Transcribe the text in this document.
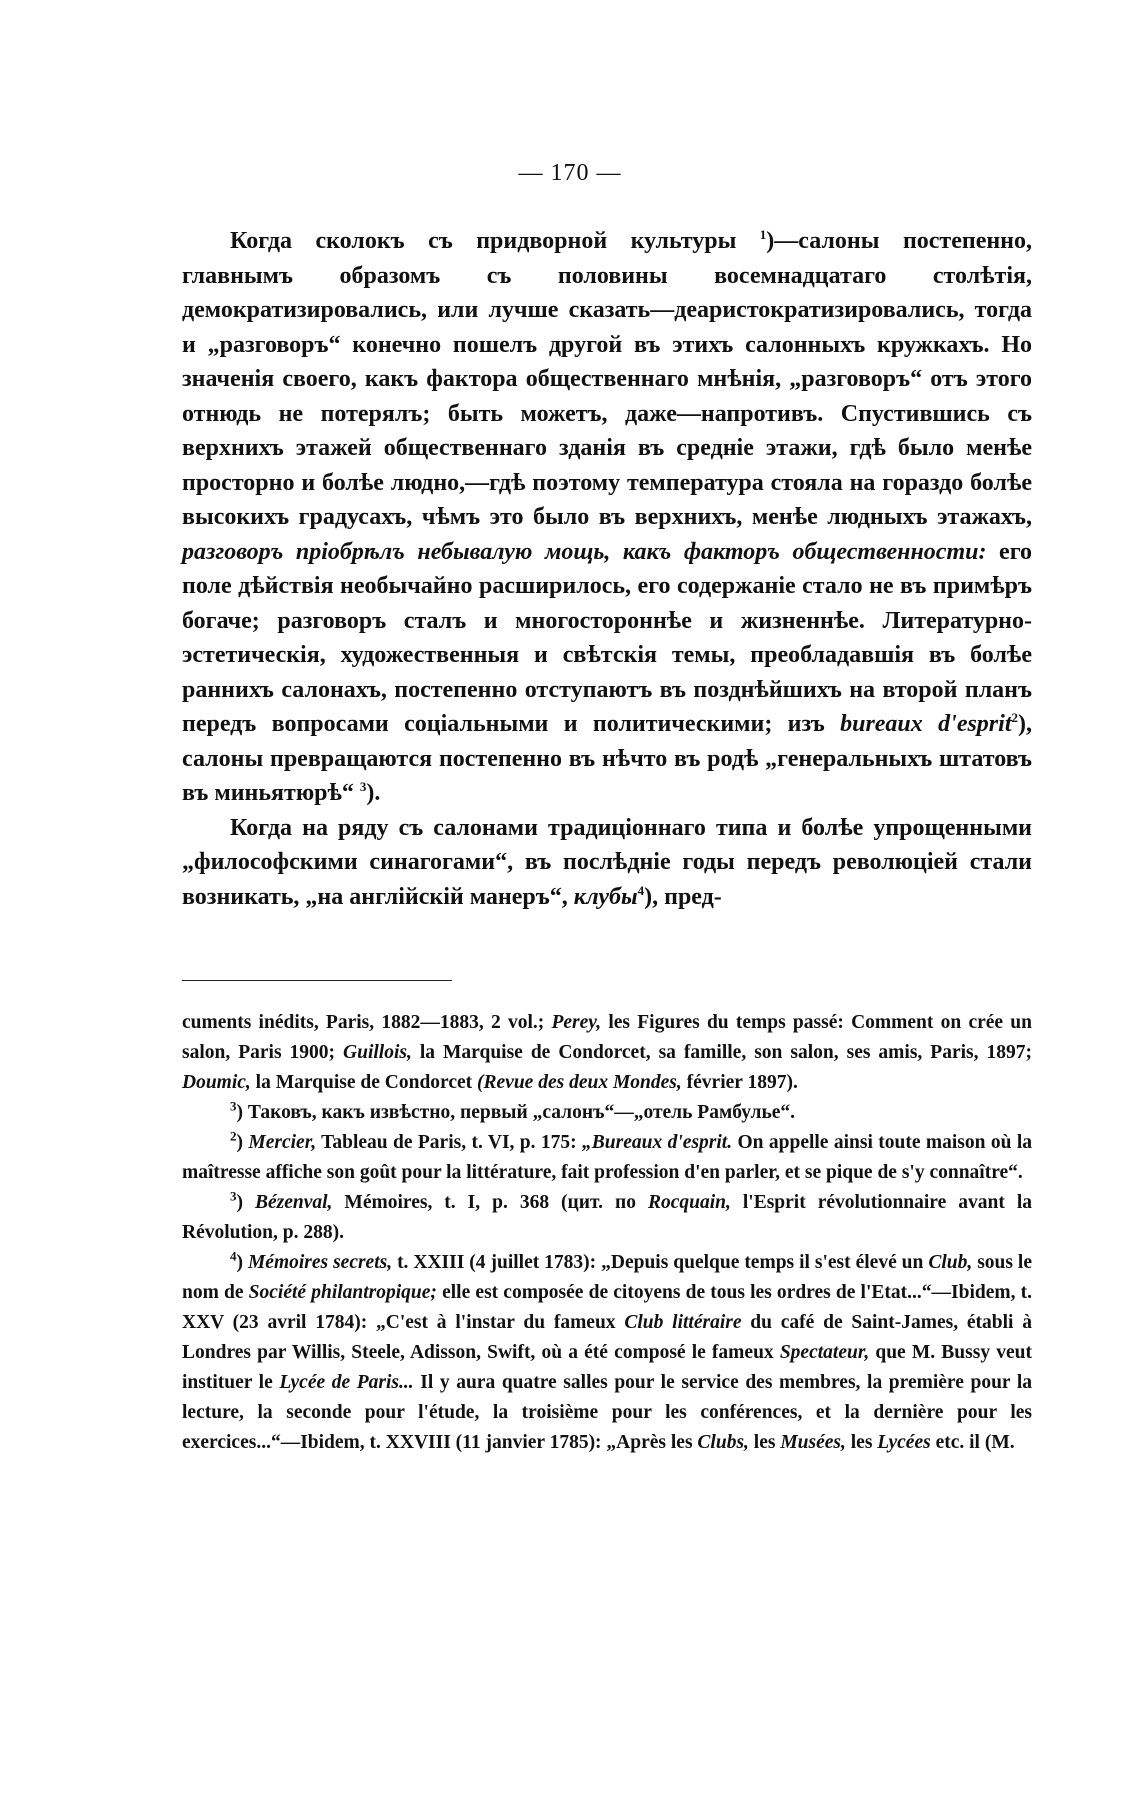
— 170 —

Когда сколокъ съ придворной культуры $^1$)—салоны постепенно, главнымъ образомъ съ половины восемнадцатаго столѣтія, демократизировались, или лучше сказать—деаристократизировались, тогда и „разговоръ“ конечно пошелъ другой въ этихъ салонныхъ кружкахъ. Но значенія своего, какъ фактора общественнаго мнѣнія, „разговоръ“ отъ этого отнюдь не потерялъ; быть можетъ, даже—напротивъ. Спустившись съ верхнихъ этажей общественнаго зданія въ средніе этажи, гдѣ было менѣе просторно и болѣе людно,—гдѣ поэтому температура стояла на гораздо болѣе высокихъ градусахъ, чѣмъ это было въ верхнихъ, менѣе людныхъ этажахъ, разговоръ пріобрѣлъ небывалую мощь, какъ факторъ общественности: его поле дѣйствія необычайно расширилось, его содержаніе стало не въ примѣръ богаче; разговоръ сталъ и многостороннѣе и жизненнѣе. Литературно-эстетическія, художественныя и свѣтскія темы, преобладавшія въ болѣе раннихъ салонахъ, постепенно отступаютъ въ позднѣйшихъ на второй планъ передъ вопросами соціальными и политическими; изъ bureaux d'esprit$^2$), салоны превращаются постепенно въ нѣчто въ родѣ „генеральныхъ штатовъ въ миньятюрѣ“ $^3$).

Когда на ряду съ салонами традиціоннаго типа и болѣе упрощенными „философскими синагогами“, въ послѣдніе годы передъ революціей стали возникать, „на англійскій манеръ“, клубы$^4$), пред-

cuments inédits, Paris, 1882—1883, 2 vol.; Perey, les Figures du temps passé: Comment on crée un salon, Paris 1900; Guillois, la Marquise de Condorcet, sa famille, son salon, ses amis, Paris, 1897; Doumic, la Marquise de Condorcet (Revue des deux Mondes, février 1897).

$^3$) Таковъ, какъ извѣстно, первый „салонъ“—„отель Рамбулье“.

$^2$) Mercier, Tableau de Paris, t. VI, p. 175: „Bureaux d'esprit. On appelle ainsi toute maison où la maîtresse affiche son goût pour la littérature, fait profession d'en parler, et se pique de s'y connaître“.

$^3$) Bézenval, Mémoires, t. I, p. 368 (цит. по Rocquain, l'Esprit révolutionnaire avant la Révolution, p. 288).

$^4$) Mémoires secrets, t. XXIII (4 juillet 1783): „Depuis quelque temps il s'est élevé un Club, sous le nom de Société philantropique; elle est composée de citoyens de tous les ordres de l'Etat...“—Ibidem, t. XXV (23 avril 1784): „C'est à l'instar du fameux Club littéraire du café de Saint-James, établi à Londres par Willis, Steele, Adisson, Swift, où a été composé le fameux Spectateur, que M. Bussy veut instituer le Lycée de Paris... Il y aura quatre salles pour le service des membres, la première pour la lecture, la seconde pour l'étude, la troisième pour les conférences, et la dernière pour les exercices...“—Ibidem, t. XXVIII (11 janvier 1785): „Après les Clubs, les Musées, les Lycées etc. il (M.
